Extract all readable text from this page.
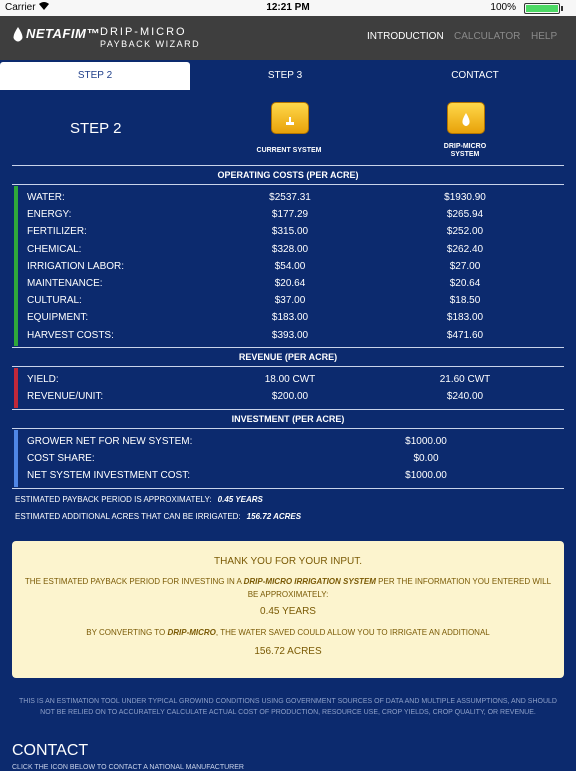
Carrier	12:21 PM	100%
NETAFIM™ DRIP-MICRO
PAYBACK WIZARD
INTRODUCTION CALCULATOR HELP
STEP 2	STEP 3	CONTACT
STEP 2
CURRENT SYSTEM
DRIP-MICRO
SYSTEM
OPERATING COSTS (PER ACRE)
WATER:	$2537.31	$1930.90
ENERGY:	$177.29	$265.94
FERTILIZER:	$315.00	$252.00
CHEMICAL:	$328.00	$262.40
IRRIGATION LABOR:	$54.00	$27.00
MAINTENANCE:	$20.64	$20.64
CULTURAL:	$37.00	$18.50
EQUIPMENT:	$183.00	$183.00
HARVEST COSTS:	$393.00	$471.60
REVENUE (PER ACRE)
YIELD:	18.00 CWT	21.60 CWT
REVENUE/UNIT:	$200.00	$240.00
INVESTMENT (PER ACRE)
GROWER NET FOR NEW SYSTEM:	$1000.00
COST SHARE:	$0.00
NET SYSTEM INVESTMENT COST:	$1000.00
ESTIMATED PAYBACK PERIOD IS APPROXIMATELY: 0.45 YEARS
ESTIMATED ADDITIONAL ACRES THAT CAN BE IRRIGATED: 156.72 ACRES
THANK YOU FOR YOUR INPUT.
THE ESTIMATED PAYBACK PERIOD FOR INVESTING IN A DRIP-MICRO IRRIGATION SYSTEM PER THE INFORMATION YOU ENTERED WILL BE APPROXIMATELY:
0.45 YEARS
BY CONVERTING TO DRIP-MICRO, THE WATER SAVED COULD ALLOW YOU TO IRRIGATE AN ADDITIONAL
156.72 ACRES
THIS IS AN ESTIMATION TOOL UNDER TYPICAL GROWIND CONDITIONS USING GOVERNMENT SOURCES OF DATA AND MULTIPLE ASSUMPTIONS, AND SHOULD NOT BE RELIED ON TO ACCURATELY CALCULATE ACTUAL COST OF PRODUCTION, RESOURCE USE, CROP YIELDS, CROP QUALITY, OR REVENUE.
CONTACT
CLICK THE ICON BELOW TO CONTACT A NATIONAL MANUFACTURER
